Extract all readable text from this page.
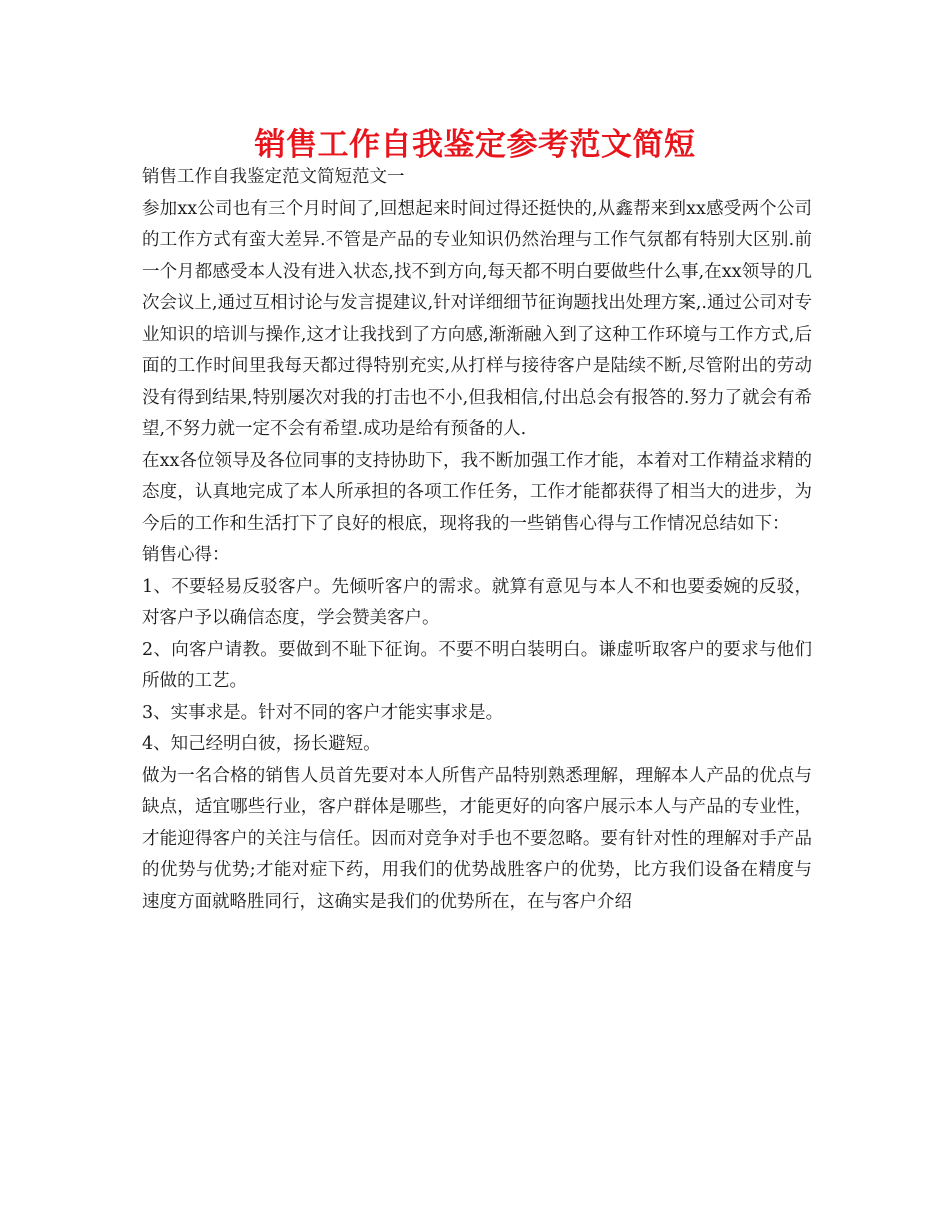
销售工作自我鉴定参考范文简短

销售工作自我鉴定范文简短范文一

参加xx公司也有三个月时间了,回想起来时间过得还挺快的,从鑫帮来到xx感受两个公司的工作方式有蛮大差异.不管是产品的专业知识仍然治理与工作气氛都有特别大区别.前一个月都感受本人没有进入状态,找不到方向,每天都不明白要做些什么事,在xx领导的几次会议上,通过互相讨论与发言提建议,针对详细细节征询题找出处理方案,.通过公司对专业知识的培训与操作,这才让我找到了方向感,渐渐融入到了这种工作环境与工作方式,后面的工作时间里我每天都过得特别充实,从打样与接待客户是陆续不断,尽管附出的劳动没有得到结果,特别屡次对我的打击也不小,但我相信,付出总会有报答的.努力了就会有希望,不努力就一定不会有希望.成功是给有预备的人.

在xx各位领导及各位同事的支持协助下，我不断加强工作才能，本着对工作精益求精的态度，认真地完成了本人所承担的各项工作任务，工作才能都获得了相当大的进步，为今后的工作和生活打下了良好的根底，现将我的一些销售心得与工作情况总结如下：

销售心得：

1、不要轻易反驳客户。先倾听客户的需求。就算有意见与本人不和也要委婉的反驳，对客户予以确信态度，学会赞美客户。

2、向客户请教。要做到不耻下征询。不要不明白装明白。谦虚听取客户的要求与他们所做的工艺。

3、实事求是。针对不同的客户才能实事求是。

4、知己经明白彼，扬长避短。

做为一名合格的销售人员首先要对本人所售产品特别熟悉理解，理解本人产品的优点与缺点，适宜哪些行业，客户群体是哪些，才能更好的向客户展示本人与产品的专业性，才能迎得客户的关注与信任。因而对竞争对手也不要忽略。要有针对性的理解对手产品的优势与优势;才能对症下药，用我们的优势战胜客户的优势，比方我们设备在精度与速度方面就略胜同行，这确实是我们的优势所在，在与客户介绍
